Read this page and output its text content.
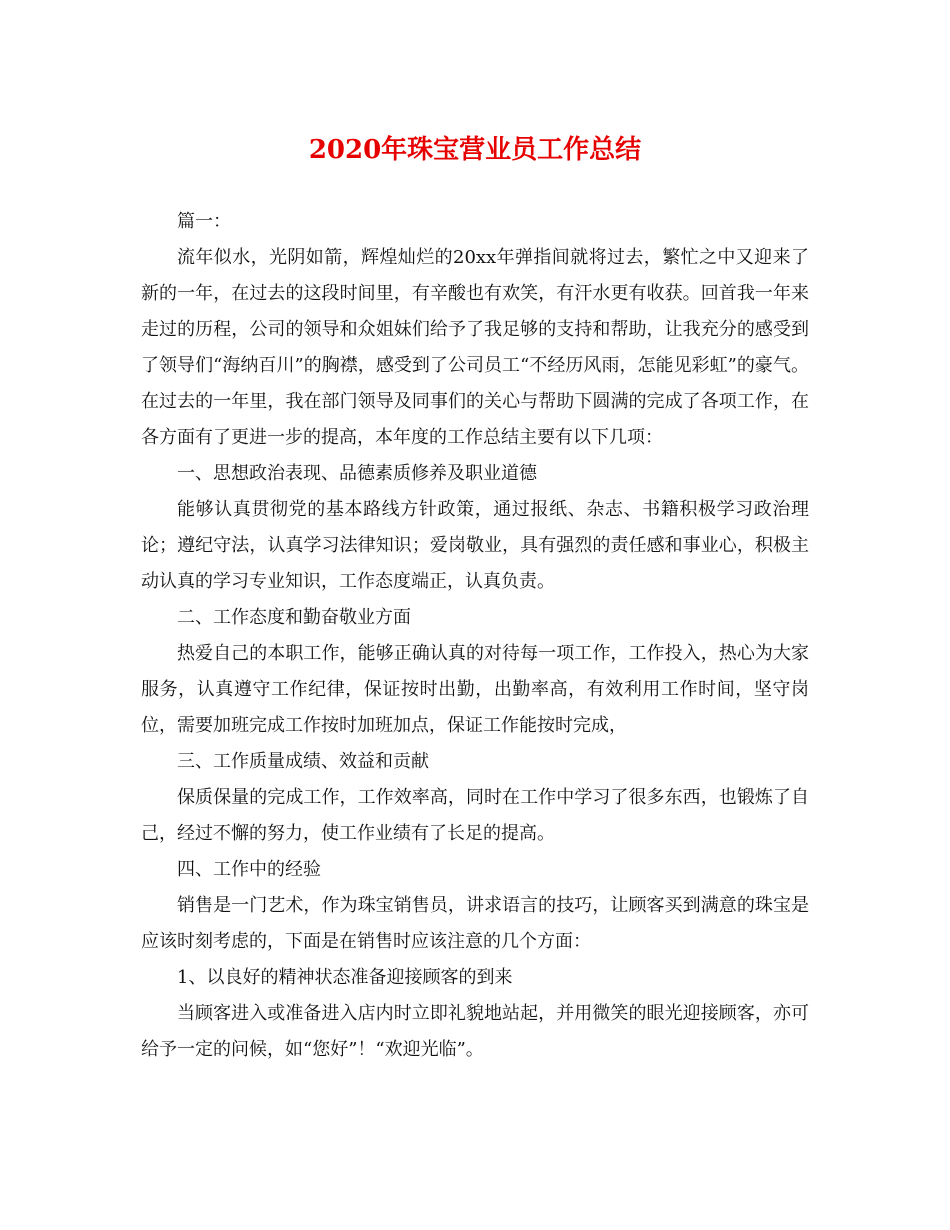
2020年珠宝营业员工作总结

篇一：

流年似水，光阴如箭，辉煌灿烂的20xx年弹指间就将过去，繁忙之中又迎来了新的一年，在过去的这段时间里，有辛酸也有欢笑，有汗水更有收获。回首我一年来走过的历程，公司的领导和众姐妹们给予了我足够的支持和帮助，让我充分的感受到了领导们“海纳百川”的胸襟，感受到了公司员工“不经历风雨，怎能见彩虹”的豪气。在过去的一年里，我在部门领导及同事们的关心与帮助下圆满的完成了各项工作，在各方面有了更进一步的提高，本年度的工作总结主要有以下几项：

一、思想政治表现、品德素质修养及职业道德

能够认真贯彻党的基本路线方针政策，通过报纸、杂志、书籍积极学习政治理论；遵纪守法，认真学习法律知识；爱岗敬业，具有强烈的责任感和事业心，积极主动认真的学习专业知识，工作态度端正，认真负责。

二、工作态度和勤奋敬业方面

热爱自己的本职工作，能够正确认真的对待每一项工作，工作投入，热心为大家服务，认真遵守工作纪律，保证按时出勤，出勤率高，有效利用工作时间，坚守岗位，需要加班完成工作按时加班加点，保证工作能按时完成，

三、工作质量成绩、效益和贡献

保质保量的完成工作，工作效率高，同时在工作中学习了很多东西，也锻炼了自己，经过不懈的努力，使工作业绩有了长足的提高。

四、工作中的经验

销售是一门艺术，作为珠宝销售员，讲求语言的技巧，让顾客买到满意的珠宝是应该时刻考虑的，下面是在销售时应该注意的几个方面：

1、以良好的精神状态准备迎接顾客的到来

当顾客进入或准备进入店内时立即礼貌地站起，并用微笑的眼光迎接顾客，亦可给予一定的问候，如“您好”！“欢迎光临”。
